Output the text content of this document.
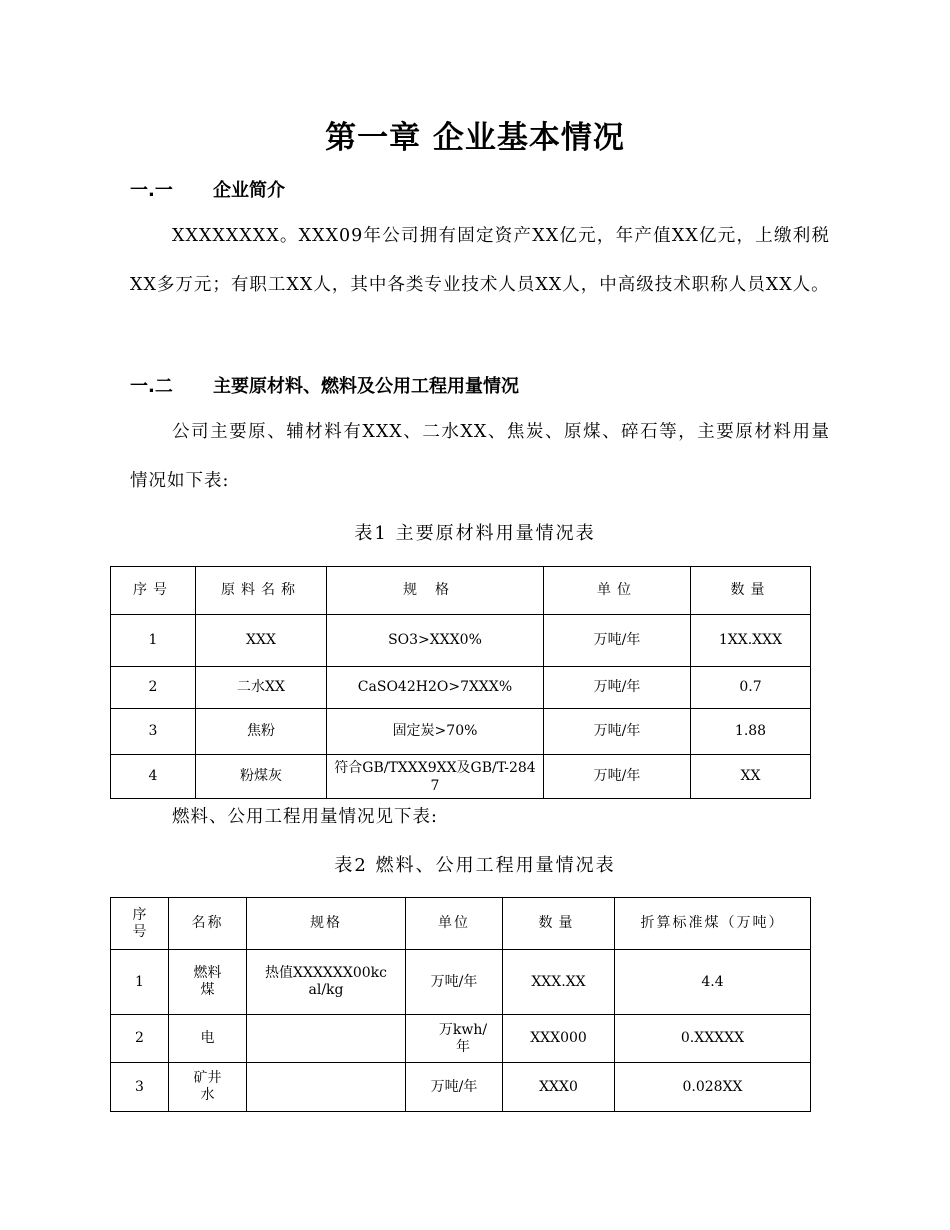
第一章 企业基本情况
一.一 企业简介
XXXXXXXX。XXX09年公司拥有固定资产XX亿元，年产值XX亿元，上缴利税XX多万元；有职工XX人，其中各类专业技术人员XX人，中高级技术职称人员XX人。
一.二 主要原材料、燃料及公用工程用量情况
公司主要原、辅材料有XXX、二水XX、焦炭、原煤、碎石等，主要原材料用量情况如下表:
表1 主要原材料用量情况表
序号	原料名称	规格	单位	数量
1	XXX	SO3>XXX0%	万吨/年	1XX.XXX
2	二水XX	CaSO42H2O>7XXX%	万吨/年	0.7
3	焦粉	固定炭>70%	万吨/年	1.88
4	粉煤灰	符合GB/TXXX9XX及GB/T-2847	万吨/年	XX
燃料、公用工程用量情况见下表:
表2 燃料、公用工程用量情况表
序号	名称	规格	单位	数量	折算标准煤（万吨）
1	燃料煤	热值XXXXXX00kcal/kg	万吨/年	XXX.XX	4.4
2	电		万kwh/年	XXX000	0.XXXXX
3	矿井水		万吨/年	XXX0	0.028XX
